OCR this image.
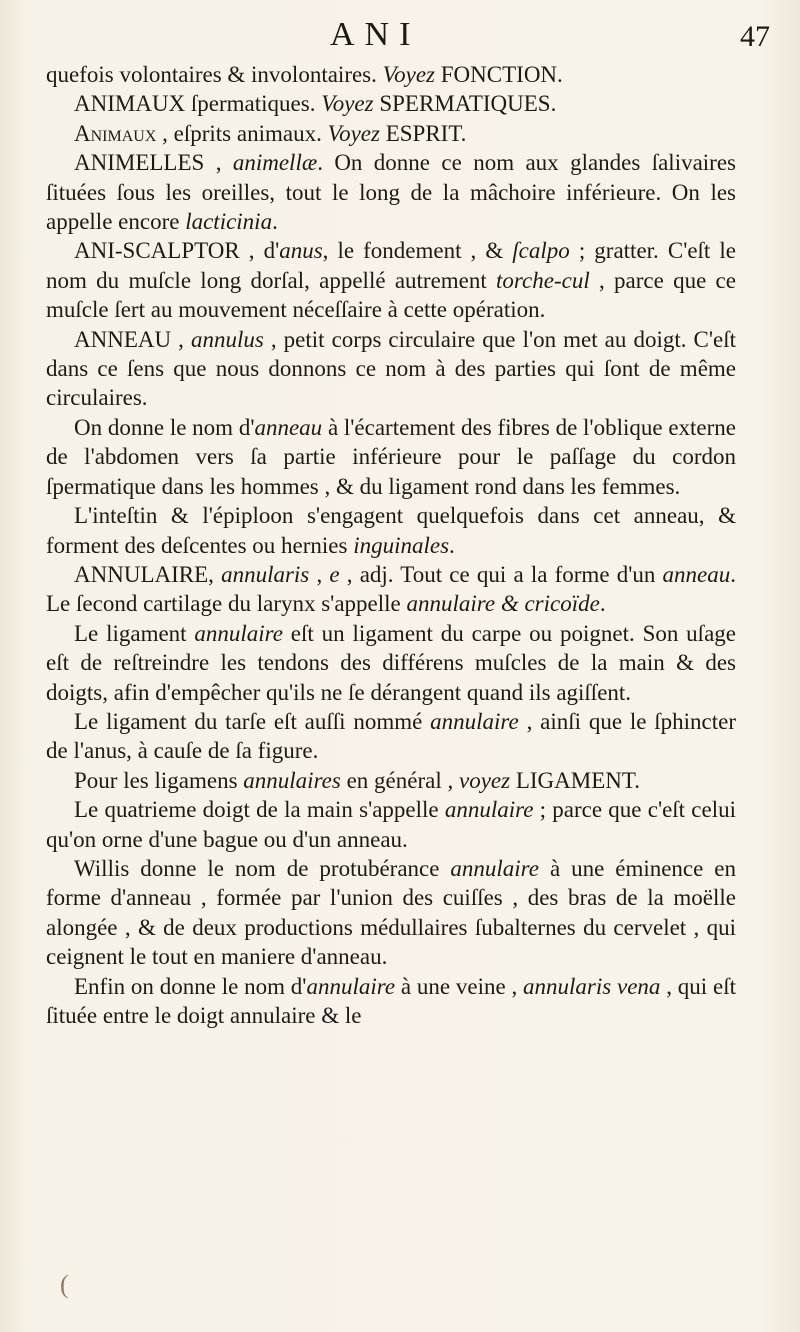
ANI	47

quefois volontaires & involontaires. Voyez FONCTION.

ANIMAUX ſpermatiques. Voyez SPERMATIQUES.

Animaux , eſprits animaux. Voyez ESPRIT.

ANIMELLES , animellæ. On donne ce nom aux glandes ſalivaires ſituées ſous les oreilles, tout le long de la mâchoire inférieure. On les appelle encore lacticinia.

ANI-SCALPTOR , d'anus, le fondement , & ſcalpo ; gratter. C'eſt le nom du muſcle long dorſal, appellé autrement torche-cul , parce que ce muſcle ſert au mouvement néceſſaire à cette opération.

ANNEAU , annulus , petit corps circulaire que l'on met au doigt. C'eſt dans ce ſens que nous donnons ce nom à des parties qui ſont de même circulaires.

On donne le nom d'anneau à l'écartement des fibres de l'oblique externe de l'abdomen vers ſa partie inférieure pour le paſſage du cordon ſpermatique dans les hommes , & du ligament rond dans les femmes.

L'inteſtin & l'épiploon s'engagent quelquefois dans cet anneau, & forment des deſcentes ou hernies inguinales.

ANNULAIRE, annularis , e , adj. Tout ce qui a la forme d'un anneau. Le ſecond cartilage du larynx s'appelle annulaire & cricoïde.

Le ligament annulaire eſt un ligament du carpe ou poignet. Son uſage eſt de reſtreindre les tendons des différens muſcles de la main & des doigts, afin d'empêcher qu'ils ne ſe dérangent quand ils agiſſent.

Le ligament du tarſe eſt auſſi nommé annulaire , ainſi que le ſphincter de l'anus, à cauſe de ſa figure.

Pour les ligamens annulaires en général , voyez LIGAMENT.

Le quatrieme doigt de la main s'appelle annulaire ; parce que c'eſt celui qu'on orne d'une bague ou d'un anneau.

Willis donne le nom de protubérance annulaire à une éminence en forme d'anneau , formée par l'union des cuiſſes , des bras de la moëlle alongée , & de deux productions médullaires ſubalternes du cervelet , qui ceignent le tout en maniere d'anneau.

Enfin on donne le nom d'annulaire à une veine , annularis vena , qui eſt ſituée entre le doigt annulaire & le

(
